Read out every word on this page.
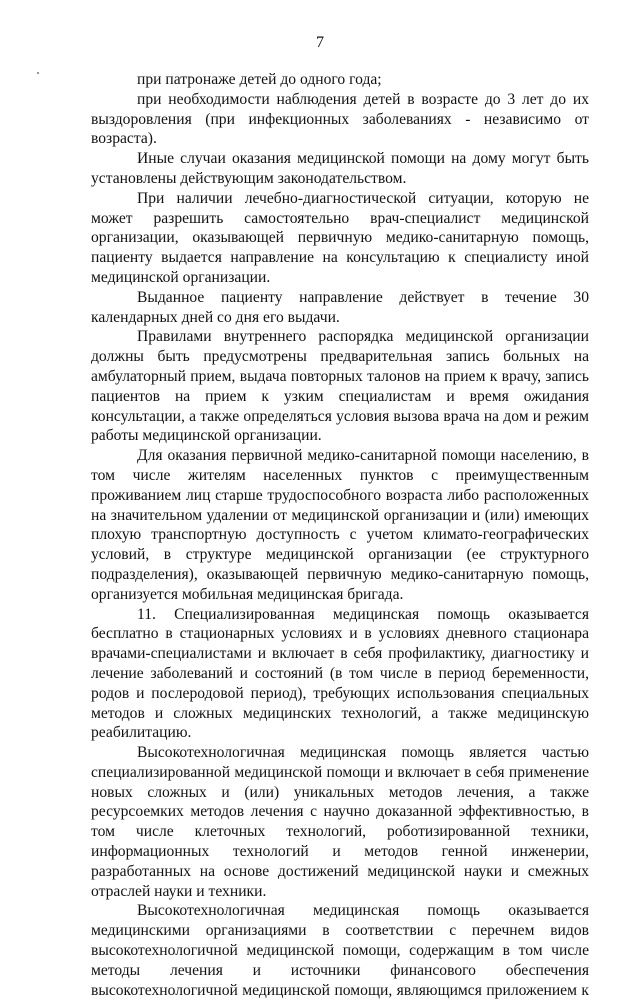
7

при патронаже детей до одного года;

при необходимости наблюдения детей в возрасте до 3 лет до их выздоровления (при инфекционных заболеваниях - независимо от возраста).

Иные случаи оказания медицинской помощи на дому могут быть установлены действующим законодательством.

При наличии лечебно-диагностической ситуации, которую не может разрешить самостоятельно врач-специалист медицинской организации, оказывающей первичную медико-санитарную помощь, пациенту выдается направление на консультацию к специалисту иной медицинской организации.

Выданное пациенту направление действует в течение 30 календарных дней со дня его выдачи.

Правилами внутреннего распорядка медицинской организации должны быть предусмотрены предварительная запись больных на амбулаторный прием, выдача повторных талонов на прием к врачу, запись пациентов на прием к узким специалистам и время ожидания консультации, а также определяться условия вызова врача на дом и режим работы медицинской организации.

Для оказания первичной медико-санитарной помощи населению, в том числе жителям населенных пунктов с преимущественным проживанием лиц старше трудоспособного возраста либо расположенных на значительном удалении от медицинской организации и (или) имеющих плохую транспортную доступность с учетом климато-географических условий, в структуре медицинской организации (ее структурного подразделения), оказывающей первичную медико-санитарную помощь, организуется мобильная медицинская бригада.

11. Специализированная медицинская помощь оказывается бесплатно в стационарных условиях и в условиях дневного стационара врачами-специалистами и включает в себя профилактику, диагностику и лечение заболеваний и состояний (в том числе в период беременности, родов и послеродовой период), требующих использования специальных методов и сложных медицинских технологий, а также медицинскую реабилитацию.

Высокотехнологичная медицинская помощь является частью специализированной медицинской помощи и включает в себя применение новых сложных и (или) уникальных методов лечения, а также ресурсоемких методов лечения с научно доказанной эффективностью, в том числе клеточных технологий, роботизированной техники, информационных технологий и методов генной инженерии, разработанных на основе достижений медицинской науки и смежных отраслей науки и техники.

Высокотехнологичная медицинская помощь оказывается медицинскими организациями в соответствии с перечнем видов высокотехнологичной медицинской помощи, содержащим в том числе методы лечения и источники финансового обеспечения высокотехнологичной медицинской помощи, являющимся приложением к
